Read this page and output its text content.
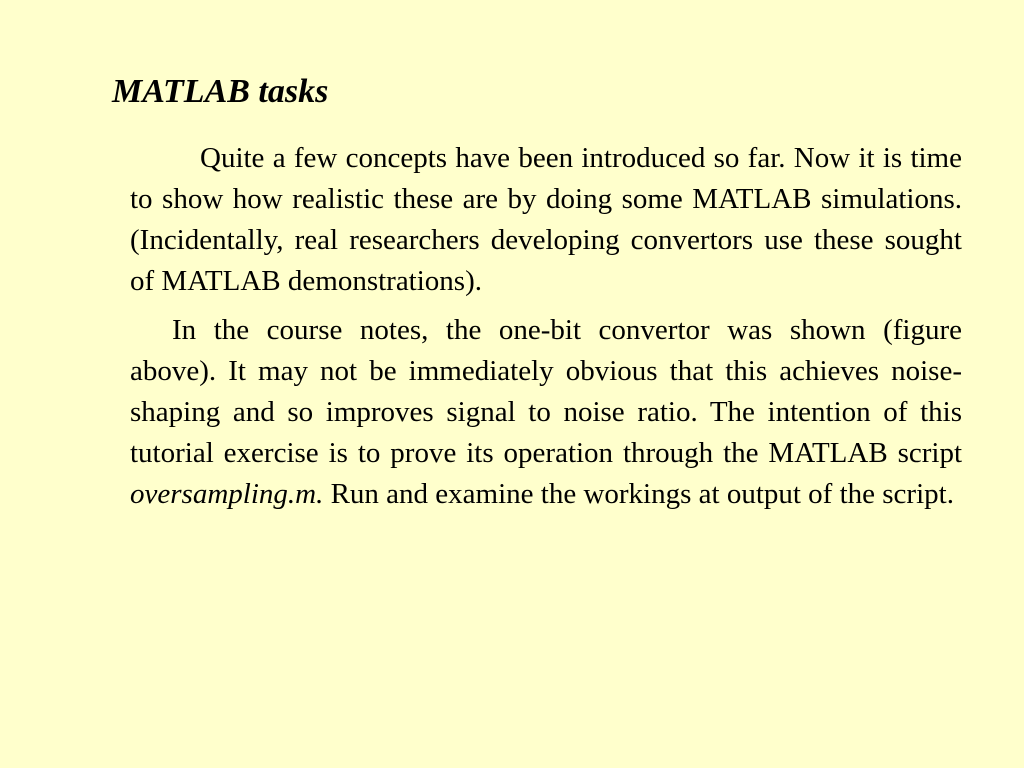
MATLAB tasks

Quite a few concepts have been introduced so far. Now it is time to show how realistic these are by doing some MATLAB simulations. (Incidentally, real researchers developing convertors use these sought of MATLAB demonstrations).

In the course notes, the one-bit convertor was shown (figure above). It may not be immediately obvious that this achieves noise-shaping and so improves signal to noise ratio. The intention of this tutorial exercise is to prove its operation through the MATLAB script oversampling.m. Run and examine the workings at output of the script.
